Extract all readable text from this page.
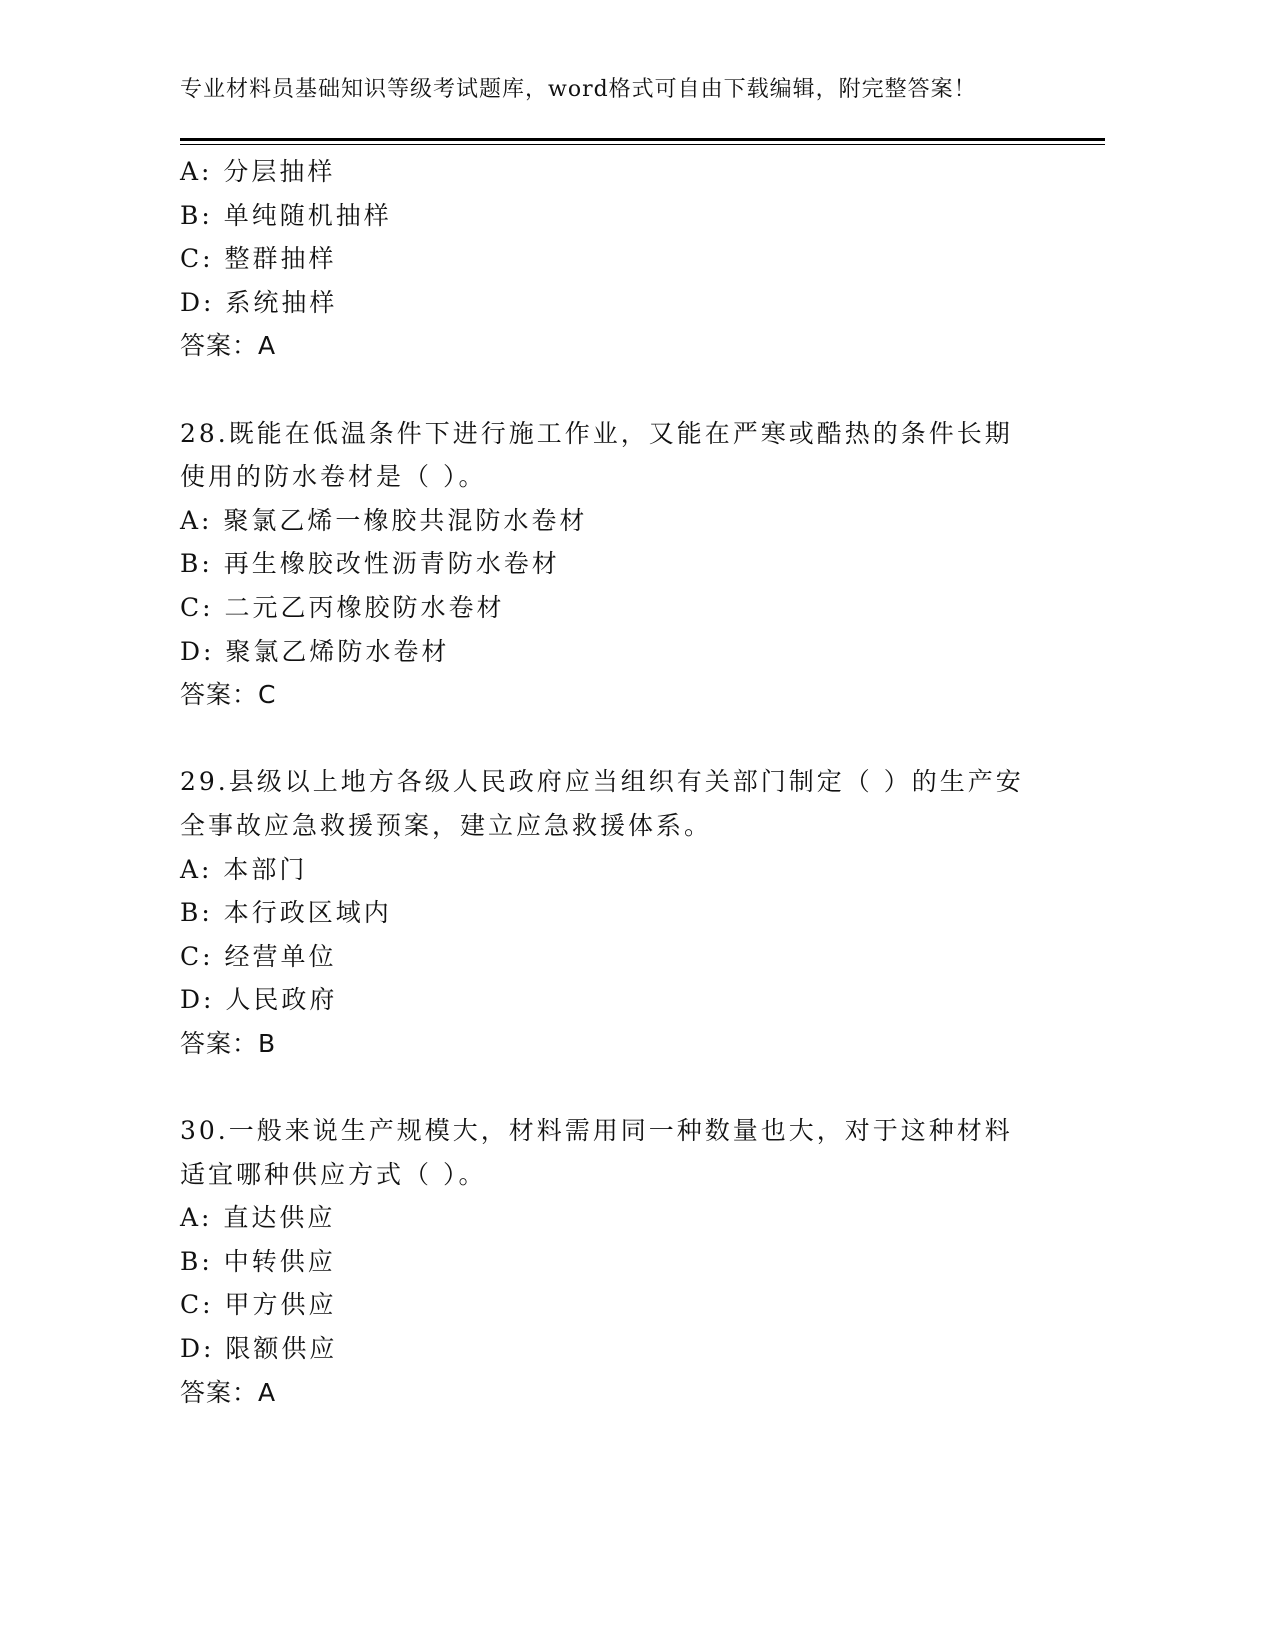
专业材料员基础知识等级考试题库，word格式可自由下载编辑，附完整答案！
A: 分层抽样
B: 单纯随机抽样
C: 整群抽样
D: 系统抽样
答案：A
28.既能在低温条件下进行施工作业，又能在严寒或酷热的条件长期使用的防水卷材是（ ）。
A: 聚氯乙烯一橡胶共混防水卷材
B: 再生橡胶改性沥青防水卷材
C: 二元乙丙橡胶防水卷材
D: 聚氯乙烯防水卷材
答案：C
29.县级以上地方各级人民政府应当组织有关部门制定（ ）的生产安全事故应急救援预案，建立应急救援体系。
A: 本部门
B: 本行政区域内
C: 经营单位
D: 人民政府
答案：B
30.一般来说生产规模大，材料需用同一种数量也大，对于这种材料适宜哪种供应方式（ ）。
A: 直达供应
B: 中转供应
C: 甲方供应
D: 限额供应
答案：A
